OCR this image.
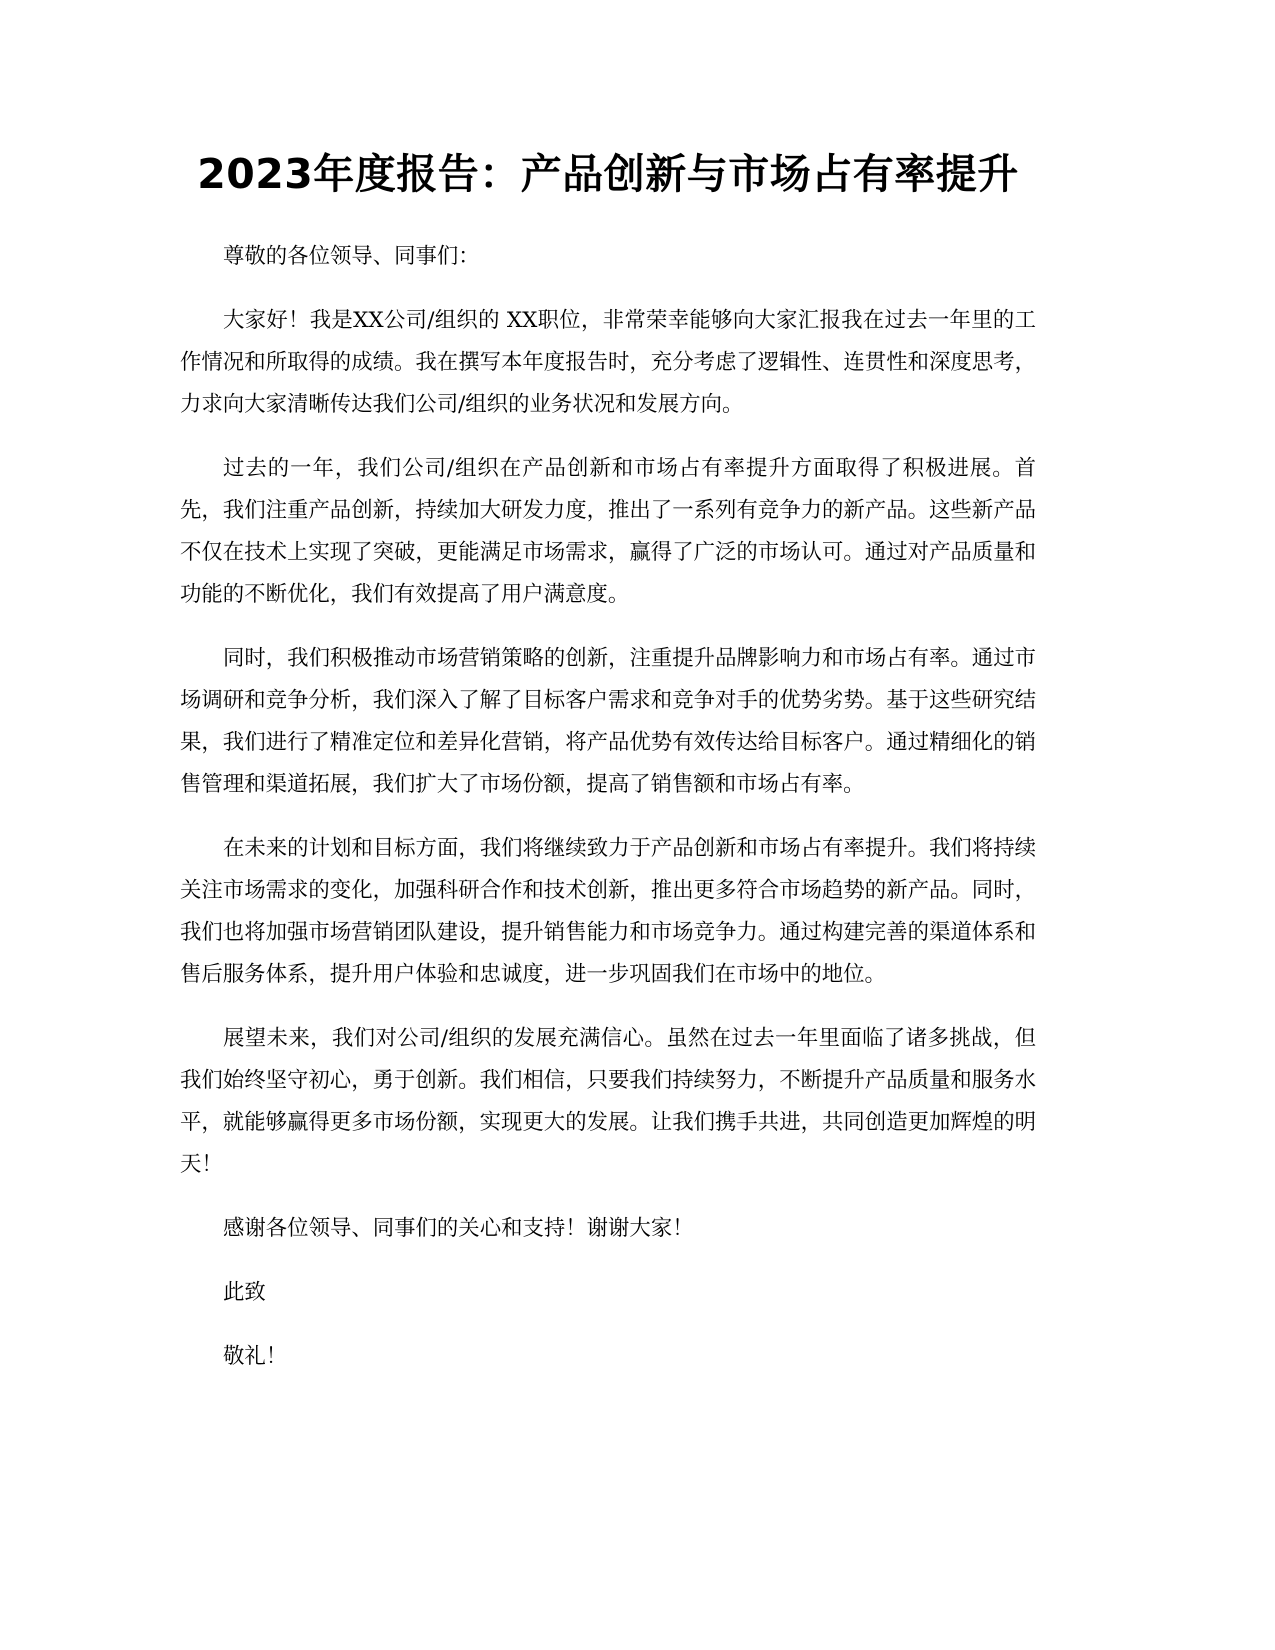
2023年度报告：产品创新与市场占有率提升

尊敬的各位领导、同事们：

大家好！我是XX公司/组织的 XX职位，非常荣幸能够向大家汇报我在过去一年里的工作情况和所取得的成绩。我在撰写本年度报告时，充分考虑了逻辑性、连贯性和深度思考，力求向大家清晰传达我们公司/组织的业务状况和发展方向。

过去的一年，我们公司/组织在产品创新和市场占有率提升方面取得了积极进展。首先，我们注重产品创新，持续加大研发力度，推出了一系列有竞争力的新产品。这些新产品不仅在技术上实现了突破，更能满足市场需求，赢得了广泛的市场认可。通过对产品质量和功能的不断优化，我们有效提高了用户满意度。

同时，我们积极推动市场营销策略的创新，注重提升品牌影响力和市场占有率。通过市场调研和竞争分析，我们深入了解了目标客户需求和竞争对手的优势劣势。基于这些研究结果，我们进行了精准定位和差异化营销，将产品优势有效传达给目标客户。通过精细化的销售管理和渠道拓展，我们扩大了市场份额，提高了销售额和市场占有率。

在未来的计划和目标方面，我们将继续致力于产品创新和市场占有率提升。我们将持续关注市场需求的变化，加强科研合作和技术创新，推出更多符合市场趋势的新产品。同时，我们也将加强市场营销团队建设，提升销售能力和市场竞争力。通过构建完善的渠道体系和售后服务体系，提升用户体验和忠诚度，进一步巩固我们在市场中的地位。

展望未来，我们对公司/组织的发展充满信心。虽然在过去一年里面临了诸多挑战，但我们始终坚守初心，勇于创新。我们相信，只要我们持续努力，不断提升产品质量和服务水平，就能够赢得更多市场份额，实现更大的发展。让我们携手共进，共同创造更加辉煌的明天！

感谢各位领导、同事们的关心和支持！谢谢大家！

此致

敬礼！
